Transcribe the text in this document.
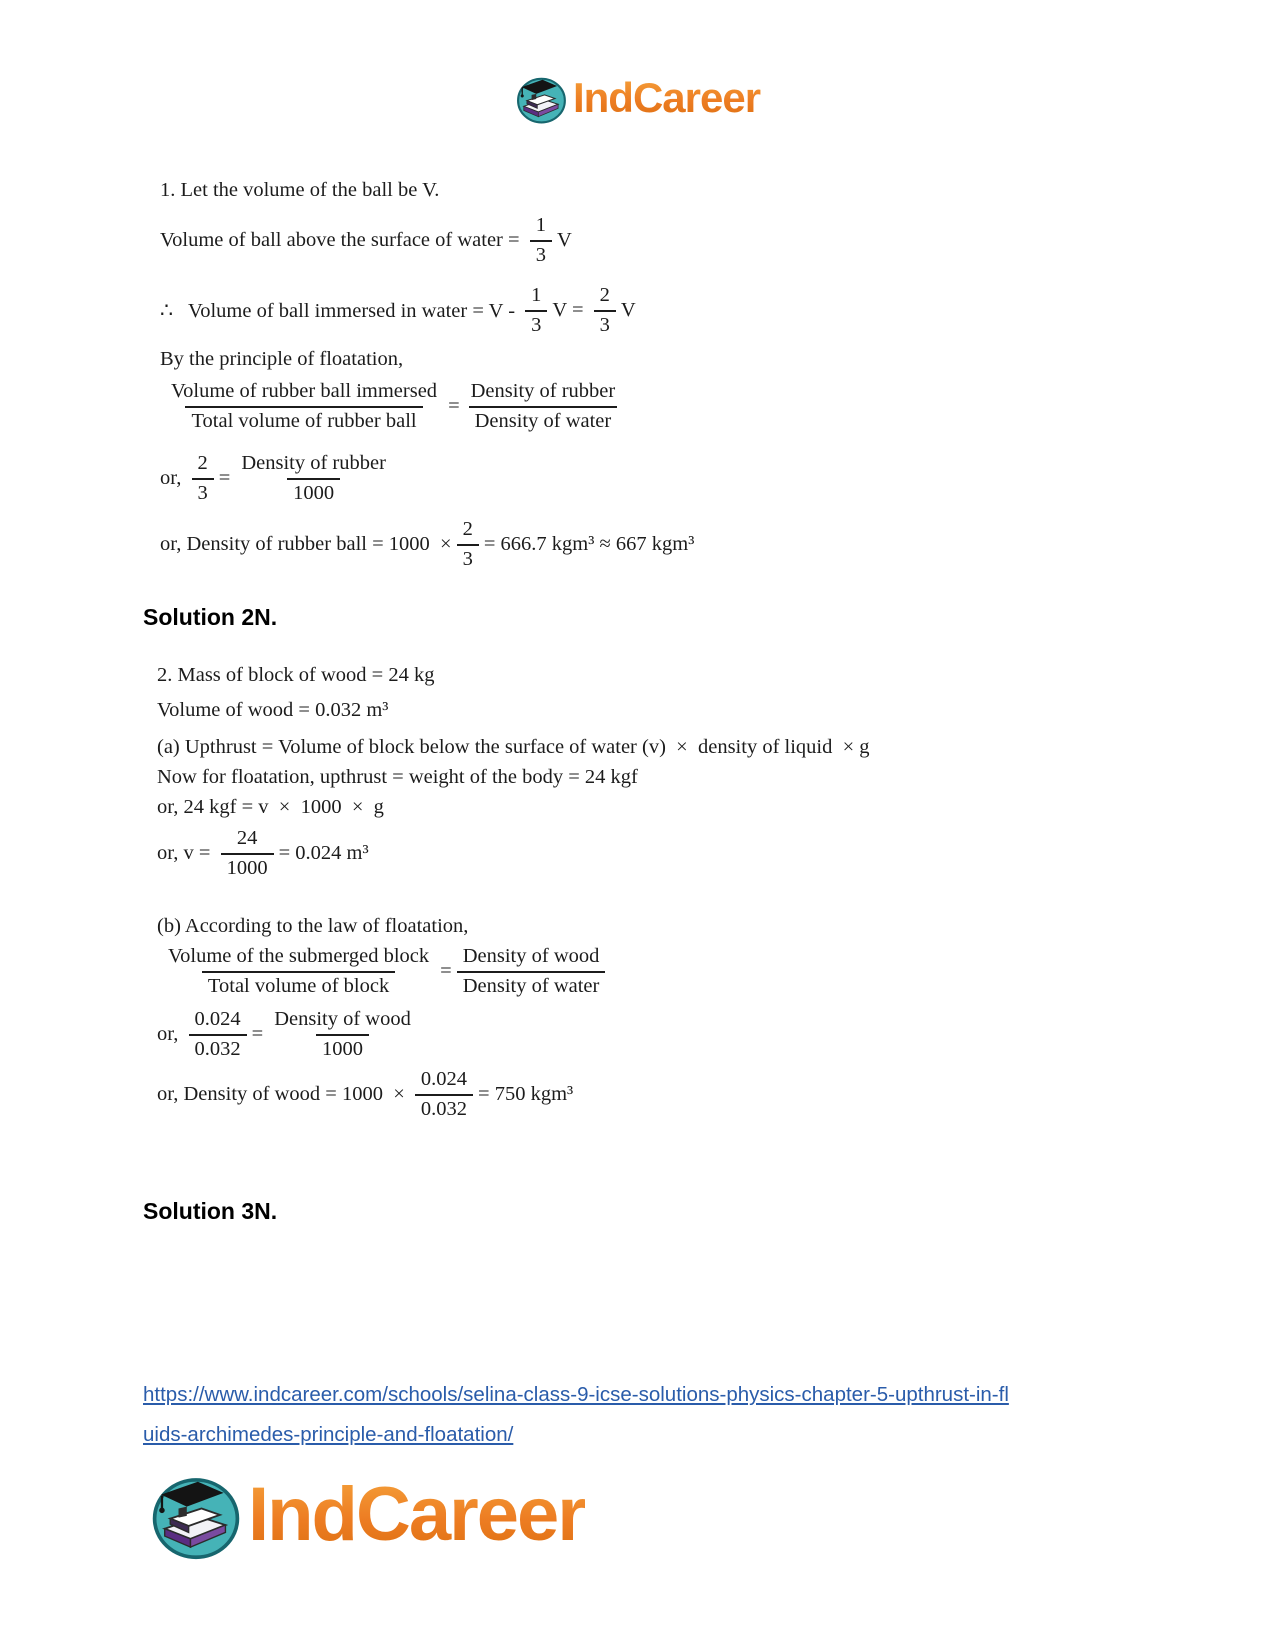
IndCareer
1. Let the volume of the ball be V.
Volume of ball above the surface of water = $\frac{1}{3}$ V
∴   Volume of ball immersed in water = V - $\frac{1}{3}$ $V = \frac{2}{3}$ V
By the principle of floatation,
$\frac{\text{Volume of rubber ball immersed}}{\text{Total volume of rubber ball}} = \frac{\text{Density of rubber}}{\text{Density of water}}$
or, $\frac{2}{3} = \frac{\text{Density of rubber}}{1000}$
or, Density of rubber ball = $1000 \times \frac{2}{3} = 666.7$ kgm³ ≈ 667 kgm³
Solution 2N.
2. Mass of block of wood = 24 kg
Volume of wood = 0.032 m³
(a) Upthrust = Volume of block below the surface of water (v)  ×  density of liquid  × g
Now for floatation, upthrust = weight of the body = 24 kgf
or, 24 kgf = v  ×  1000  ×  g
or, $v = \frac{24}{1000} = 0.024$ m³
(b) According to the law of floatation,
$\frac{\text{Volume of the submerged block}}{\text{Total volume of block}} = \frac{\text{Density of wood}}{\text{Density of water}}$
or, $\frac{0.024}{0.032} = \frac{\text{Density of wood}}{1000}$
or, Density of wood = $1000 \times \frac{0.024}{0.032} = 750$ kgm³
Solution 3N.
https://www.indcareer.com/schools/selina-class-9-icse-solutions-physics-chapter-5-upthrust-in-fl
uids-archimedes-principle-and-floatation/
IndCareer
